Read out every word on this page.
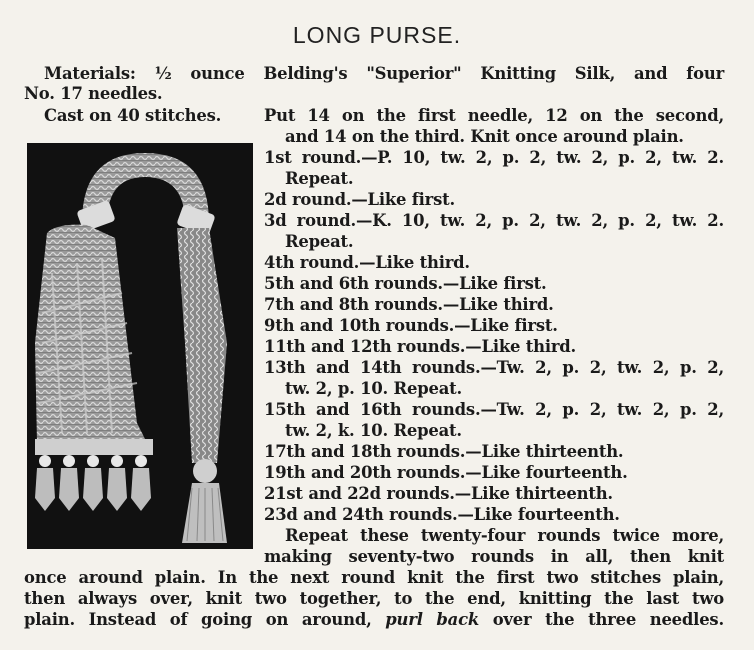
LONG PURSE.
Materials: ½ ounce Belding's "Superior" Knitting Silk, and four
No. 17 needles.
Cast on 40 stitches.	Put 14 on the first needle, 12 on the second,
and 14 on the third. Knit once around plain.
1st round.—P. 10, tw. 2, p. 2, tw. 2, p. 2, tw. 2.
Repeat.
2d round.—Like first.
3d round.—K. 10, tw. 2, p. 2, tw. 2, p. 2, tw. 2.
Repeat.
4th round.—Like third.
5th and 6th rounds.—Like first.
7th and 8th rounds.—Like third.
9th and 10th rounds.—Like first.
11th and 12th rounds.—Like third.
13th and 14th rounds.—Tw. 2, p. 2, tw. 2, p. 2,
tw. 2, p. 10. Repeat.
15th and 16th rounds.—Tw. 2, p. 2, tw. 2, p. 2,
tw. 2, k. 10. Repeat.
17th and 18th rounds.—Like thirteenth.
19th and 20th rounds.—Like fourteenth.
21st and 22d rounds.—Like thirteenth.
23d and 24th rounds.—Like fourteenth.
Repeat these twenty-four rounds twice more,
making seventy-two rounds in all, then knit
once around plain. In the next round knit the first two stitches plain,
then always over, knit two together, to the end, knitting the last two
plain. Instead of going on around, purl back over the three needles.
